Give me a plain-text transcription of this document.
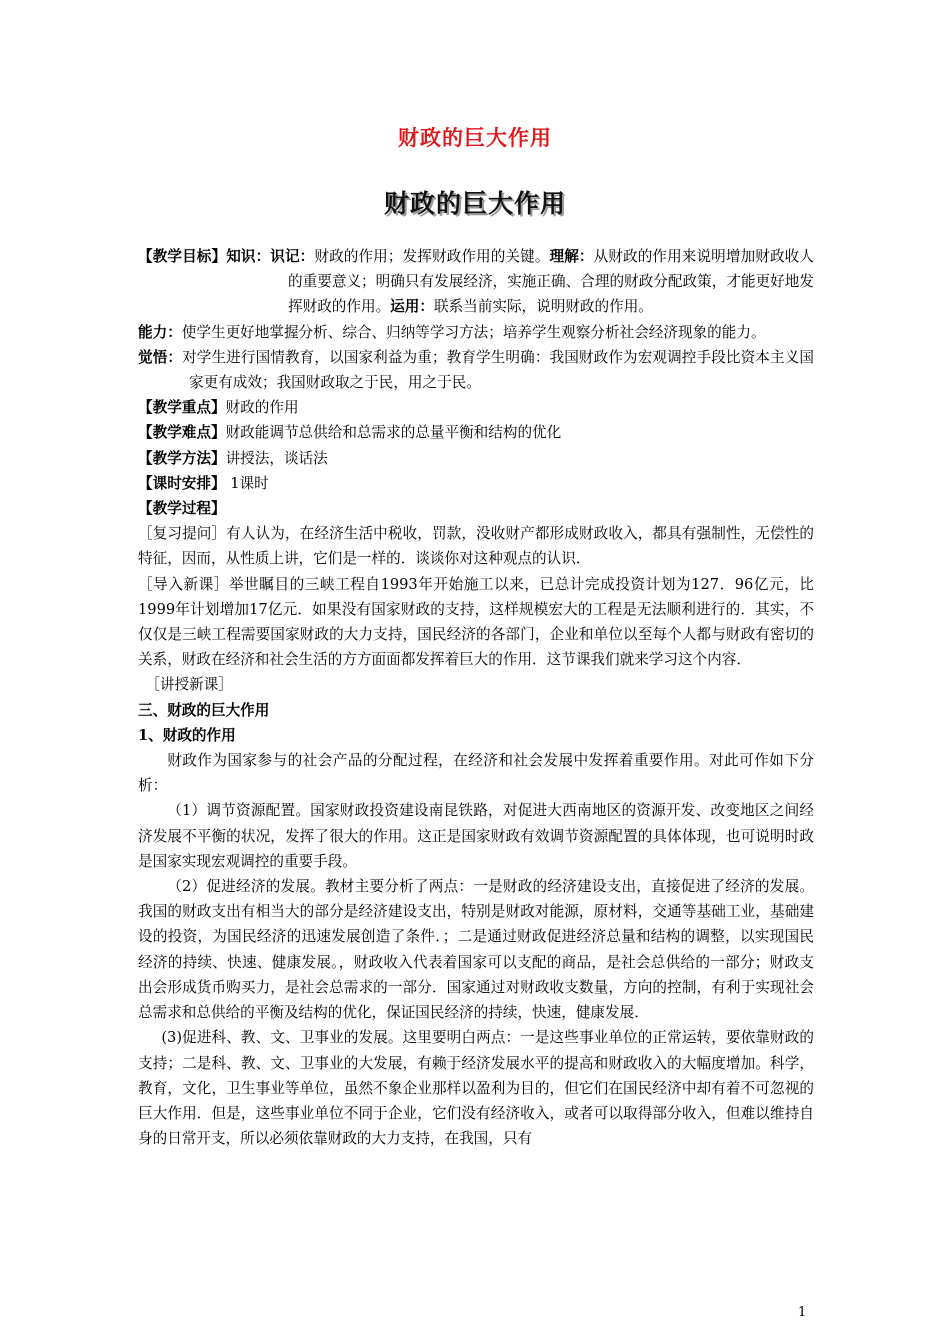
财政的巨大作用
财政的巨大作用

【教学目标】知识：识记：财政的作用；发挥财政作用的关键。理解：从财政的作用来说明增加财政收人的重要意义；明确只有发展经济，实施正确、合理的财政分配政策，才能更好地发挥财政的作用。运用：联系当前实际，说明财政的作用。

能力：使学生更好地掌握分析、综合、归纳等学习方法；培养学生观察分析社会经济现象的能力。

觉悟：对学生进行国情教育，以国家利益为重；教育学生明确：我国财政作为宏观调控手段比资本主义国家更有成效；我国财政取之于民，用之于民。

【教学重点】财政的作用

【教学难点】财政能调节总供给和总需求的总量平衡和结构的优化

【教学方法】讲授法，谈话法

【课时安排】 1课时

【教学过程】

［复习提问］有人认为，在经济生活中税收，罚款，没收财产都形成财政收入，都具有强制性，无偿性的特征，因而，从性质上讲，它们是一样的．谈谈你对这种观点的认识．

［导入新课］举世瞩目的三峡工程自1993年开始施工以来，已总计完成投资计划为127．96亿元，比1999年计划增加17亿元．如果没有国家财政的支持，这样规模宏大的工程是无法顺利进行的．其实，不仅仅是三峡工程需要国家财政的大力支持，国民经济的各部门，企业和单位以至每个人都与财政有密切的关系，财政在经济和社会生活的方方面面都发挥着巨大的作用．这节课我们就来学习这个内容．

［讲授新课］

三、财政的巨大作用

1、财政的作用

财政作为国家参与的社会产品的分配过程，在经济和社会发展中发挥着重要作用。对此可作如下分析：

（1）调节资源配置。国家财政投资建设南昆铁路，对促进大西南地区的资源开发、改变地区之间经济发展不平衡的状况，发挥了很大的作用。这正是国家财政有效调节资源配置的具体体现，也可说明时政是国家实现宏观调控的重要手段。

（2）促进经济的发展。教材主要分析了两点：一是财政的经济建设支出，直接促进了经济的发展。我国的财政支出有相当大的部分是经济建设支出，特别是财政对能源，原材料，交通等基础工业，基础建设的投资，为国民经济的迅速发展创造了条件．；二是通过财政促进经济总量和结构的调整，以实现国民经济的持续、快速、健康发展。，财政收入代表着国家可以支配的商品，是社会总供给的一部分；财政支出会形成货币购买力，是社会总需求的一部分．国家通过对财政收支数量，方向的控制，有利于实现社会总需求和总供给的平衡及结构的优化，保证国民经济的持续，快速，健康发展．

(3)促进科、教、文、卫事业的发展。这里要明白两点：一是这些事业单位的正常运转，要依靠财政的支持；二是科、教、文、卫事业的大发展，有赖于经济发展水平的提高和财政收入的大幅度增加。科学，教育，文化，卫生事业等单位，虽然不象企业那样以盈利为目的，但它们在国民经济中却有着不可忽视的巨大作用．但是，这些事业单位不同于企业，它们没有经济收入，或者可以取得部分收入，但难以维持自身的日常开支，所以必须依靠财政的大力支持，在我国，只有

1
